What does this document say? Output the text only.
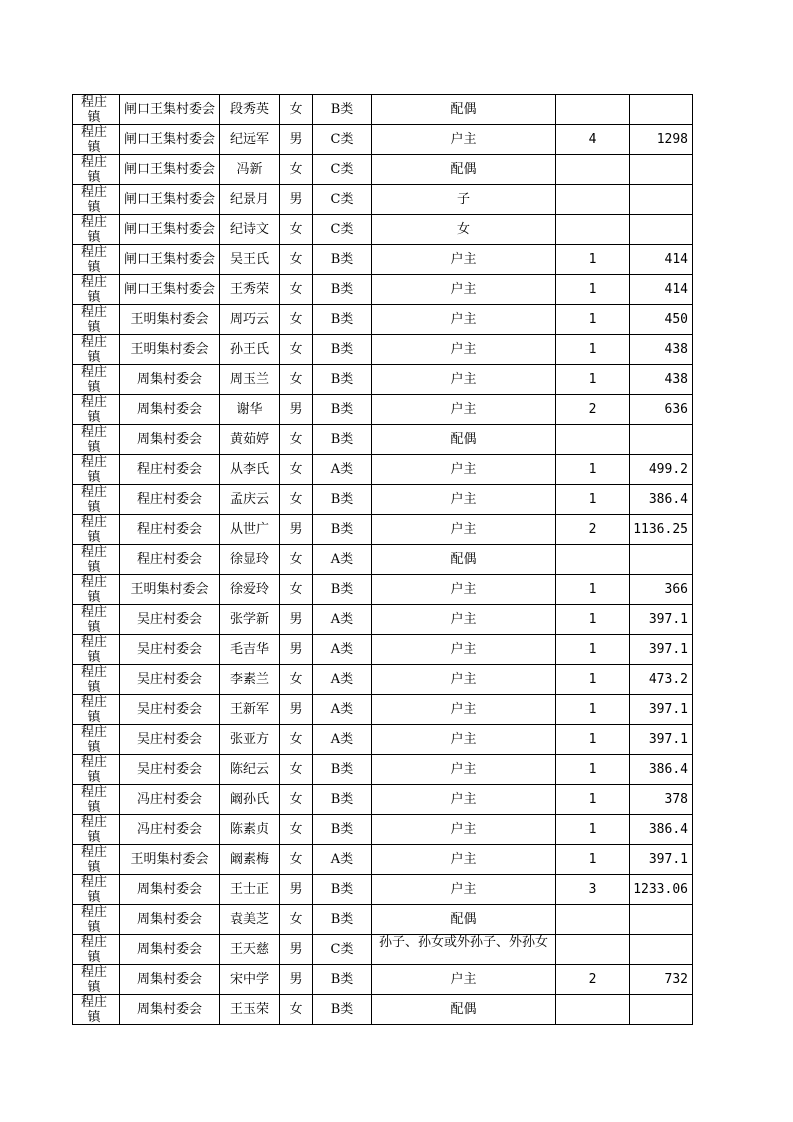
程庄镇	闸口王集村委会	段秀英	女	B类	配偶		

程庄镇	闸口王集村委会	纪远军	男	C类	户主	4	1298

程庄镇	闸口王集村委会	冯新	女	C类	配偶		

程庄镇	闸口王集村委会	纪景月	男	C类	子		

程庄镇	闸口王集村委会	纪诗文	女	C类	女		

程庄镇	闸口王集村委会	吴王氏	女	B类	户主	1	414

程庄镇	闸口王集村委会	王秀荣	女	B类	户主	1	414

程庄镇	王明集村委会	周巧云	女	B类	户主	1	450

程庄镇	王明集村委会	孙王氏	女	B类	户主	1	438

程庄镇	周集村委会	周玉兰	女	B类	户主	1	438

程庄镇	周集村委会	谢华	男	B类	户主	2	636

程庄镇	周集村委会	黄茹婷	女	B类	配偶		

程庄镇	程庄村委会	从李氏	女	A类	户主	1	499.2

程庄镇	程庄村委会	孟庆云	女	B类	户主	1	386.4

程庄镇	程庄村委会	从世广	男	B类	户主	2	1136.25

程庄镇	程庄村委会	徐显玲	女	A类	配偶		

程庄镇	王明集村委会	徐爱玲	女	B类	户主	1	366

程庄镇	吴庄村委会	张学新	男	A类	户主	1	397.1

程庄镇	吴庄村委会	毛吉华	男	A类	户主	1	397.1

程庄镇	吴庄村委会	李素兰	女	A类	户主	1	473.2

程庄镇	吴庄村委会	王新军	男	A类	户主	1	397.1

程庄镇	吴庄村委会	张亚方	女	A类	户主	1	397.1

程庄镇	吴庄村委会	陈纪云	女	B类	户主	1	386.4

程庄镇	冯庄村委会	阚孙氏	女	B类	户主	1	378

程庄镇	冯庄村委会	陈素贞	女	B类	户主	1	386.4

程庄镇	王明集村委会	阚素梅	女	A类	户主	1	397.1

程庄镇	周集村委会	王士正	男	B类	户主	3	1233.06

程庄镇	周集村委会	袁美芝	女	B类	配偶		

程庄镇	周集村委会	王天慈	男	C类	孙子、孙女或外孙子、外孙女		

程庄镇	周集村委会	宋中学	男	B类	户主	2	732

程庄镇	周集村委会	王玉荣	女	B类	配偶		
